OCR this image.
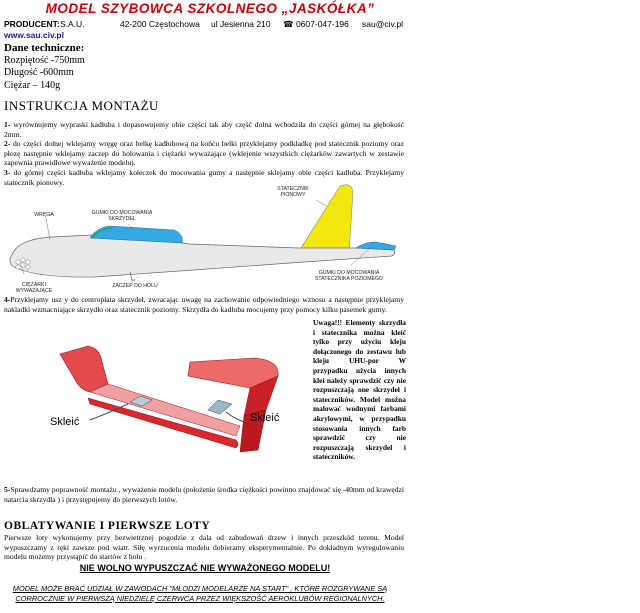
MODEL SZYBOWCA SZKOLNEGO „JASKÓŁKA”
PRODUCENT: S.A.U.	42-200 Częstochowa ul Jesienna 210 ☎ 0607-047-196 sau@civ.pl
www.sau.civ.pl
Dane techniczne:
Rozpiętość -750mm
Długość -600mm
Ciężar – 140g
INSTRUKCJA MONTAŻU
1- wyrównujemy wypraski kadłuba i dopasowujemy obie części tak aby część dolna wchodziła do części górnej na głębokość 2mm.
2- do części dolnej wklejamy wręgę oraz belkę kadłubową na końcu belki przyklejamy podkładkę pod statecznik poziomy oraz płozę następnie wklejamy zaczep do holowania i ciężarki wyważające (wklejenie wszystkich ciężarków zawartych w zestawie zapewnia prawidłowe wyważenie modelu).
3- do górnej części kadłuba wklejamy kołeczek do mocowania gumy a następnie sklejamy obie części kadłuba. Przyklejamy statecznik pionowy.
WRĘGA	GUMKI DO MOCOWANIA SKRZYDEŁ
STATECZNIK PIONOWY
CIĘŻARKI WYWAŻAJĄCE
ZACZEP DO HOLU
GUMKI DO MOCOWANIA STATECZNIKA POZIOMEGO
4-Przyklejamy usz y do centropłata skrzydeł, zwracając uwagę na zachowanie odpowiedniego wznosu a następnie przyklejamy nakładki wzmacniające skrzydło oraz statecznik poziomy. Skrzydła do kadłuba mocujemy przy pomocy kilku pasemek gumy.
Skleić	Skleić
Uwaga!!! Elementy skrzydła i statecznika można kleić tylko przy użyciu kleju dołączonego do zestawu lub kleju UHU-por W przypadku użycia innych klei należy sprawdzić czy nie rozpuszczają one skrzydeł i stateczników. Model można malować wodnymi farbami akrylowymi, w przypadku stosowania innych farb sprawdzić czy nie rozpuszczają skrzydeł i stateczników.
5-Sprawdzamy poprawność montażu , wyważenie modelu (położenie środka ciężkości powinno znajdować się -40mm od krawędzi natarcia skrzydła ) i przystępujemy do pierwszych lotów.
OBLATYWANIE I PIERWSZE LOTY
Pierwsze loty wykonujemy przy bezwietrznej pogodzie z dala od zabudowań drzew i innych przeszkód terenu. Model wypuszczamy z ręki zawsze pod wiatr. Siłę wyrzucenia modelu dobieramy eksperymentalnie. Po dokładnym wyregulowaniu modelu możemy przystąpić do startów z holu .
NIE WOLNO WYPUSZCZAĆ NIE WYWAŻONEGO MODELU!
MODEL MOŻE BRAĆ UDZIAŁ W ZAWODACH "MŁODZI MODELARZE NA START" , KTÓRE ROZGRYWANE SĄ
CORROCZNIE W PIERWSZĄ NIEDZIELĘ CZERWCA PRZEZ WIĘKSZOŚĆ AEROKLUBÓW REGIONALNYCH.
